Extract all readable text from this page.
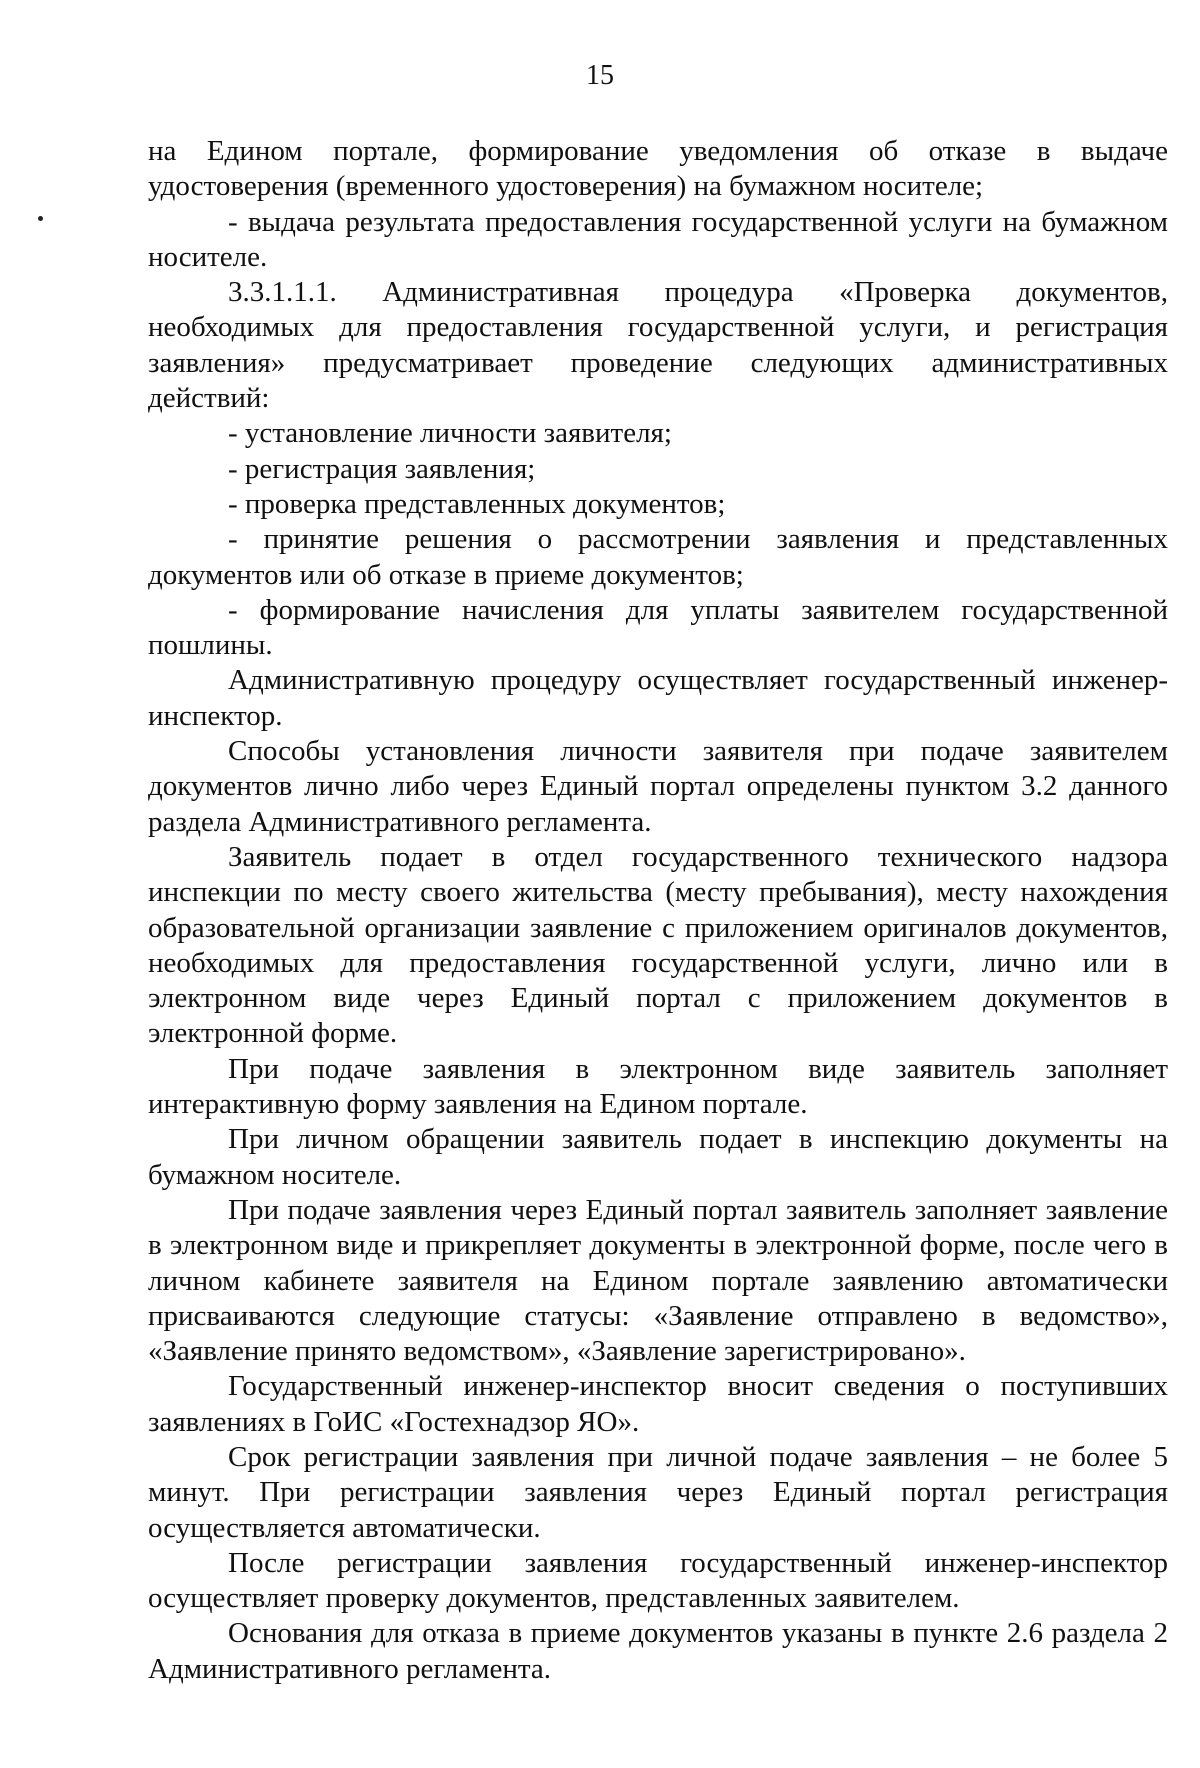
15

на Едином портале, формирование уведомления об отказе в выдаче удостоверения (временного удостоверения) на бумажном носителе;

- выдача результата предоставления государственной услуги на бумажном носителе.

3.3.1.1.1. Административная процедура «Проверка документов, необходимых для предоставления государственной услуги, и регистрация заявления» предусматривает проведение следующих административных действий:

- установление личности заявителя;

- регистрация заявления;

- проверка представленных документов;

- принятие решения о рассмотрении заявления и представленных документов или об отказе в приеме документов;

- формирование начисления для уплаты заявителем государственной пошлины.

Административную процедуру осуществляет государственный инженер-инспектор.

Способы установления личности заявителя при подаче заявителем документов лично либо через Единый портал определены пунктом 3.2 данного раздела Административного регламента.

Заявитель подает в отдел государственного технического надзора инспекции по месту своего жительства (месту пребывания), месту нахождения образовательной организации заявление с приложением оригиналов документов, необходимых для предоставления государственной услуги, лично или в электронном виде через Единый портал с приложением документов в электронной форме.

При подаче заявления в электронном виде заявитель заполняет интерактивную форму заявления на Едином портале.

При личном обращении заявитель подает в инспекцию документы на бумажном носителе.

При подаче заявления через Единый портал заявитель заполняет заявление в электронном виде и прикрепляет документы в электронной форме, после чего в личном кабинете заявителя на Едином портале заявлению автоматически присваиваются следующие статусы: «Заявление отправлено в ведомство», «Заявление принято ведомством», «Заявление зарегистрировано».

Государственный инженер-инспектор вносит сведения о поступивших заявлениях в ГоИС «Гостехнадзор ЯО».

Срок регистрации заявления при личной подаче заявления – не более 5 минут. При регистрации заявления через Единый портал регистрация осуществляется автоматически.

После регистрации заявления государственный инженер-инспектор осуществляет проверку документов, представленных заявителем.

Основания для отказа в приеме документов указаны в пункте 2.6 раздела 2 Административного регламента.
